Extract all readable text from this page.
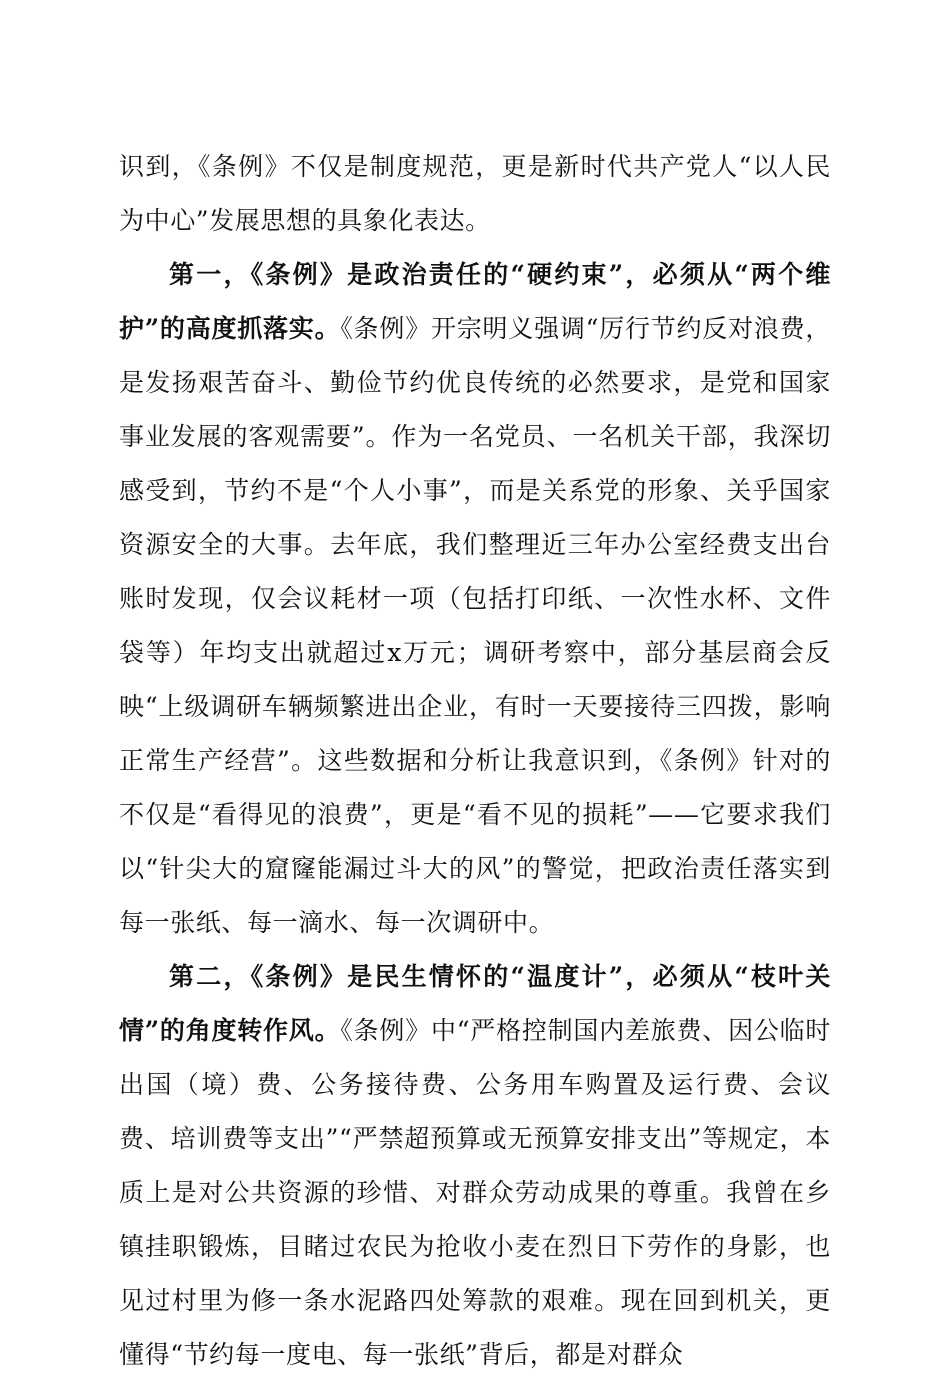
识到，《条例》不仅是制度规范，更是新时代共产党人“以人民为中心”发展思想的具象化表达。

第一，《条例》是政治责任的“硬约束”，必须从“两个维护”的高度抓落实。《条例》开宗明义强调“厉行节约反对浪费，是发扬艰苦奋斗、勤俭节约优良传统的必然要求，是党和国家事业发展的客观需要”。作为一名党员、一名机关干部，我深切感受到，节约不是“个人小事”，而是关系党的形象、关乎国家资源安全的大事。去年底，我们整理近三年办公室经费支出台账时发现，仅会议耗材一项（包括打印纸、一次性水杯、文件袋等）年均支出就超过x万元；调研考察中，部分基层商会反映“上级调研车辆频繁进出企业，有时一天要接待三四拨，影响正常生产经营”。这些数据和分析让我意识到，《条例》针对的不仅是“看得见的浪费”，更是“看不见的损耗”——它要求我们以“针尖大的窟窿能漏过斗大的风”的警觉，把政治责任落实到每一张纸、每一滴水、每一次调研中。

第二，《条例》是民生情怀的“温度计”，必须从“枝叶关情”的角度转作风。《条例》中“严格控制国内差旅费、因公临时出国（境）费、公务接待费、公务用车购置及运行费、会议费、培训费等支出”“严禁超预算或无预算安排支出”等规定，本质上是对公共资源的珍惜、对群众劳动成果的尊重。我曾在乡镇挂职锻炼，目睹过农民为抢收小麦在烈日下劳作的身影，也见过村里为修一条水泥路四处筹款的艰难。现在回到机关，更懂得“节约每一度电、每一张纸”背后，都是对群众
